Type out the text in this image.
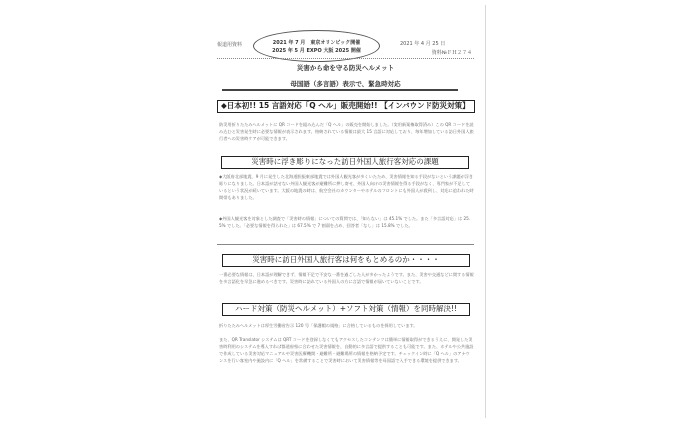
報道用資料	2021 年 7 月　東京オリンピック開催
2025 年 5 月 EXPO 大阪 2025 開催
2021 年 4 月 25 日
資料№ＦＨ２７４
災害から命を守る防災ヘルメット
母国語（多言語）表示で、緊急時対応
◆日本初!! 15 言語対応「Q ヘル」販売開始!! 【インバウンド防災対策】
防災用折りたたみヘルメットに QR コードを組み込んだ「Q ヘル」の販売を開始しました。（実用新案権取得済み）この QR コードを読み込むと災害発生時に必要な情報が表示されます。格納されている情報は最大 15 言語に対応しており、毎年増加している訪日外国人旅行者への災害時ケアが可能できます。
災害時に浮き彫りになった訪日外国人旅行客対応の課題
◆大阪府北部地震、9 月に発生した北海道胆振東部地震では外国人観光客が多くいたため、災害情報を知る手段がないという課題が浮き彫りになりました。日本語が話せない外国人観光客が避難所に押し寄せ、外国人向けの災害情報を得る手段がなく、専門家が不足しているという状況が続いています。大阪の地震の時は、航空会社のカウンターやホテルのフロントにも外国人が殺到し、対応に追われた時間帯もありました。
◆外国人観光客を対象とした調査で「災害時の情報」についての質問では、「知らない」は 45.1% でした。また「多言語対応」は 25.5% でした。「必要な情報を得られた」は 67.5% で 7 割弱を占め、回答者「なし」は 15.8% でした。
災害時に訪日外国人旅行客は何をもとめるのか・・・・
一番必要な情報は、日本語が理解できず、情報不足で不安な一番を過ごした人が多かったようです。また、災害や交通などに関する情報を多言語化を早急に進めるべきです。災害時に訪れている外国人の方に言語で情報が届いていないことです。
ハード対策（防災ヘルメット）+ソフト対策（情報）を同時解決!!
折りたたみヘルメットは厚生労働省告示 120 号「保護帽の規格」に合格しているものを採用しています。
また、QR Translator システムは QRT コードを登録しなくてもアクセスしたコンテンツは簡単に情報取得ができるうえに、開発した災害時利用のシステムを導入すれば都道府県に合わせた災害情報を、自動的に多言語で提供することも可能です。また、ホテルや公共施設で作成している災害対応マニュアルや災害医療機関・避難所・避難場所の情報を格納予定です。チェックイン時に「Q ヘル」のアナウンスを行い客室内や施設内に「Q ヘル」を常備することで災害時において災害情報等を母国語で入手できる環境を提供できます。
